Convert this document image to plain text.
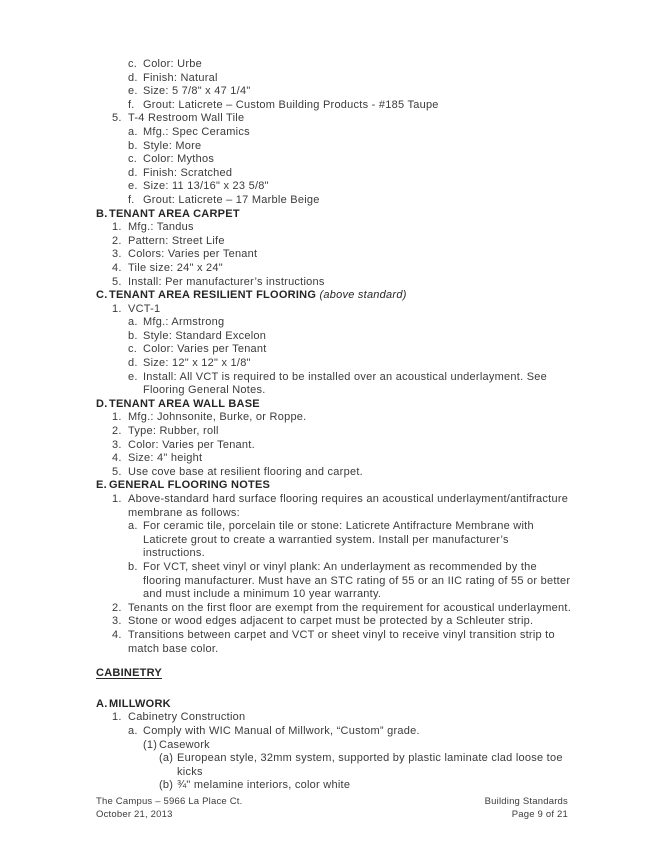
c. Color: Urbe
d. Finish: Natural
e. Size: 5 7/8" x 47 1/4"
f. Grout: Laticrete – Custom Building Products - #185 Taupe
5. T-4 Restroom Wall Tile
a. Mfg.: Spec Ceramics
b. Style: More
c. Color: Mythos
d. Finish: Scratched
e. Size: 11 13/16" x 23 5/8"
f. Grout: Laticrete – 17 Marble Beige
B. TENANT AREA CARPET
1. Mfg.: Tandus
2. Pattern: Street Life
3. Colors: Varies per Tenant
4. Tile size: 24" x 24"
5. Install: Per manufacturer’s instructions
C. TENANT AREA RESILIENT FLOORING (above standard)
1. VCT-1
a. Mfg.: Armstrong
b. Style: Standard Excelon
c. Color: Varies per Tenant
d. Size: 12" x 12" x 1/8"
e. Install: All VCT is required to be installed over an acoustical underlayment. See Flooring General Notes.
D. TENANT AREA WALL BASE
1. Mfg.: Johnsonite, Burke, or Roppe.
2. Type: Rubber, roll
3. Color: Varies per Tenant.
4. Size: 4" height
5. Use cove base at resilient flooring and carpet.
E. GENERAL FLOORING NOTES
1. Above-standard hard surface flooring requires an acoustical underlayment/antifracture membrane as follows:
a. For ceramic tile, porcelain tile or stone: Laticrete Antifracture Membrane with Laticrete grout to create a warrantied system. Install per manufacturer’s instructions.
b. For VCT, sheet vinyl or vinyl plank: An underlayment as recommended by the flooring manufacturer. Must have an STC rating of 55 or an IIC rating of 55 or better and must include a minimum 10 year warranty.
2. Tenants on the first floor are exempt from the requirement for acoustical underlayment.
3. Stone or wood edges adjacent to carpet must be protected by a Schleuter strip.
4. Transitions between carpet and VCT or sheet vinyl to receive vinyl transition strip to match base color.
CABINETRY
A. MILLWORK
1. Cabinetry Construction
a. Comply with WIC Manual of Millwork, “Custom” grade.
(1) Casework
(a) European style, 32mm system, supported by plastic laminate clad loose toe kicks
(b) ¾" melamine interiors, color white
The Campus – 5966 La Place Ct.
October 21, 2013
Building Standards
Page 9 of 21
